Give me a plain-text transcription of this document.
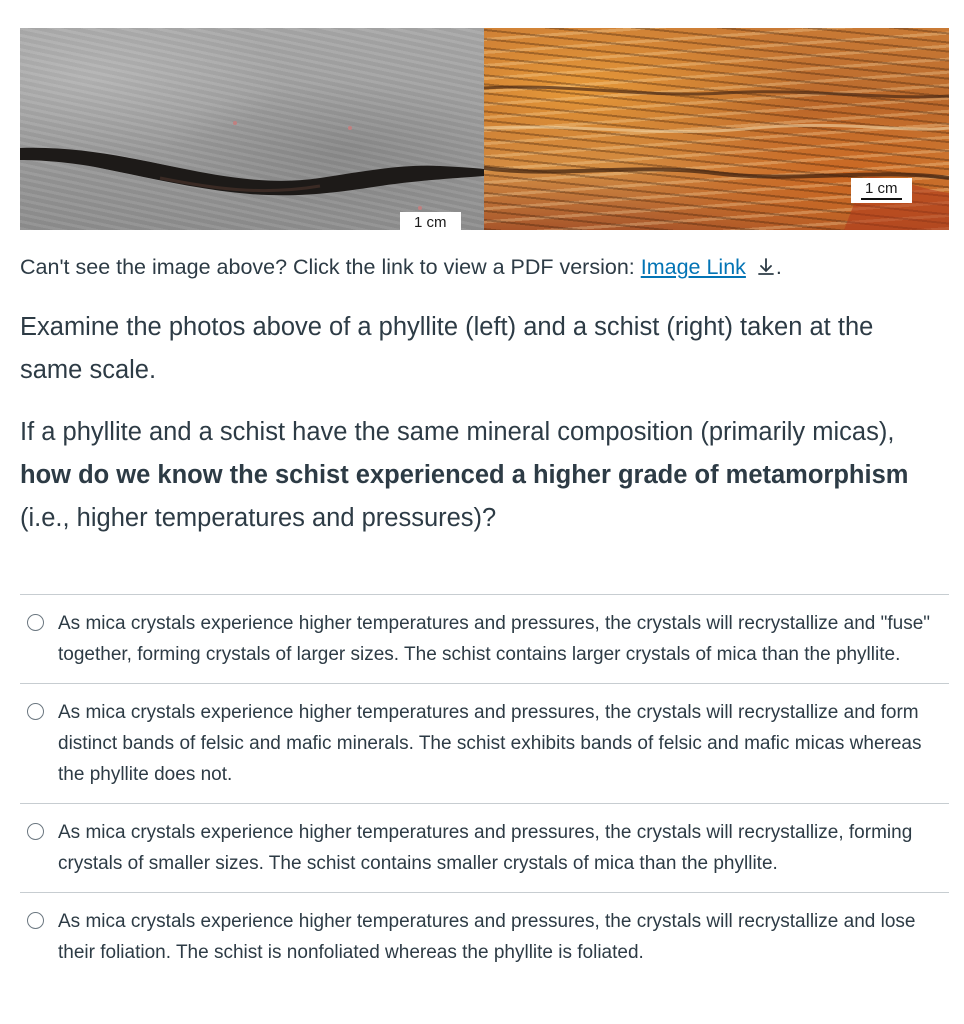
1 cm
1 cm
Can't see the image above? Click the link to view a PDF version: Image Link .
Examine the photos above of a phyllite (left) and a schist (right) taken at the same scale.
If a phyllite and a schist have the same mineral composition (primarily micas), how do we know the schist experienced a higher grade of metamorphism (i.e., higher temperatures and pressures)?
As mica crystals experience higher temperatures and pressures, the crystals will recrystallize and "fuse" together, forming crystals of larger sizes. The schist contains larger crystals of mica than the phyllite.
As mica crystals experience higher temperatures and pressures, the crystals will recrystallize and form distinct bands of felsic and mafic minerals. The schist exhibits bands of felsic and mafic micas whereas the phyllite does not.
As mica crystals experience higher temperatures and pressures, the crystals will recrystallize, forming crystals of smaller sizes. The schist contains smaller crystals of mica than the phyllite.
As mica crystals experience higher temperatures and pressures, the crystals will recrystallize and lose their foliation. The schist is nonfoliated whereas the phyllite is foliated.
